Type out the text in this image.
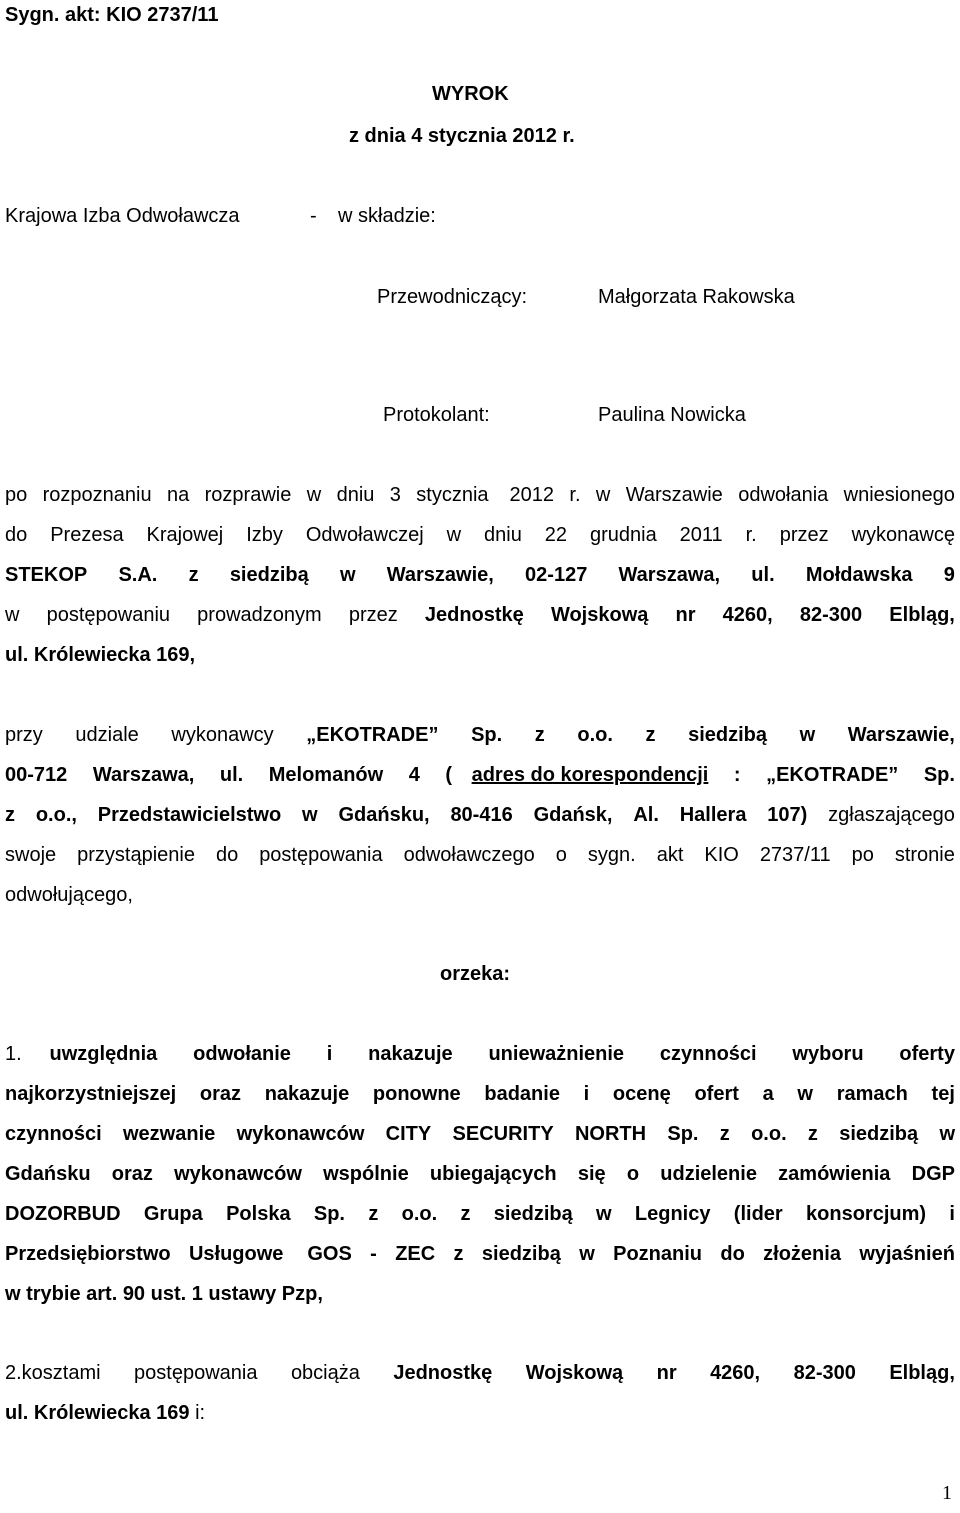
Sygn. akt: KIO 2737/11
WYROK
z dnia 4 stycznia 2012 r.
Krajowa Izba Odwoławcza	- w składzie:
Przewodniczący:	Małgorzata Rakowska
Protokolant:	Paulina Nowicka
po rozpoznaniu na rozprawie w dniu 3 stycznia 2012 r. w Warszawie odwołania wniesionego
do Prezesa Krajowej Izby Odwoławczej w dniu 22 grudnia 2011 r. przez wykonawcę
STEKOP S.A. z siedzibą w Warszawie, 02-127 Warszawa, ul. Mołdawska 9
w postępowaniu prowadzonym przez Jednostkę Wojskową nr 4260, 82-300 Elbląg,
ul. Królewiecka 169,
przy udziale wykonawcy „EKOTRADE” Sp. z o.o. z siedzibą w Warszawie,
00-712 Warszawa, ul. Melomanów 4 ( adres do korespondencji : „EKOTRADE” Sp.
z o.o., Przedstawicielstwo w Gdańsku, 80-416 Gdańsk, Al. Hallera 107) zgłaszającego
swoje przystąpienie do postępowania odwoławczego o sygn. akt KIO 2737/11 po stronie
odwołującego,
orzeka:
1. uwzględnia odwołanie i nakazuje unieważnienie czynności wyboru oferty
najkorzystniejszej oraz nakazuje ponowne badanie i ocenę ofert a w ramach tej
czynności wezwanie wykonawców CITY SECURITY NORTH Sp. z o.o. z siedzibą w
Gdańsku oraz wykonawców wspólnie ubiegających się o udzielenie zamówienia DGP
DOZORBUD Grupa Polska Sp. z o.o. z siedzibą w Legnicy (lider konsorcjum) i
Przedsiębiorstwo Usługowe GOS - ZEC z siedzibą w Poznaniu do złożenia wyjaśnień
w trybie art. 90 ust. 1 ustawy Pzp,
2.kosztami postępowania obciąża Jednostkę Wojskową nr 4260, 82-300 Elbląg,
ul. Królewiecka 169 i:
1
